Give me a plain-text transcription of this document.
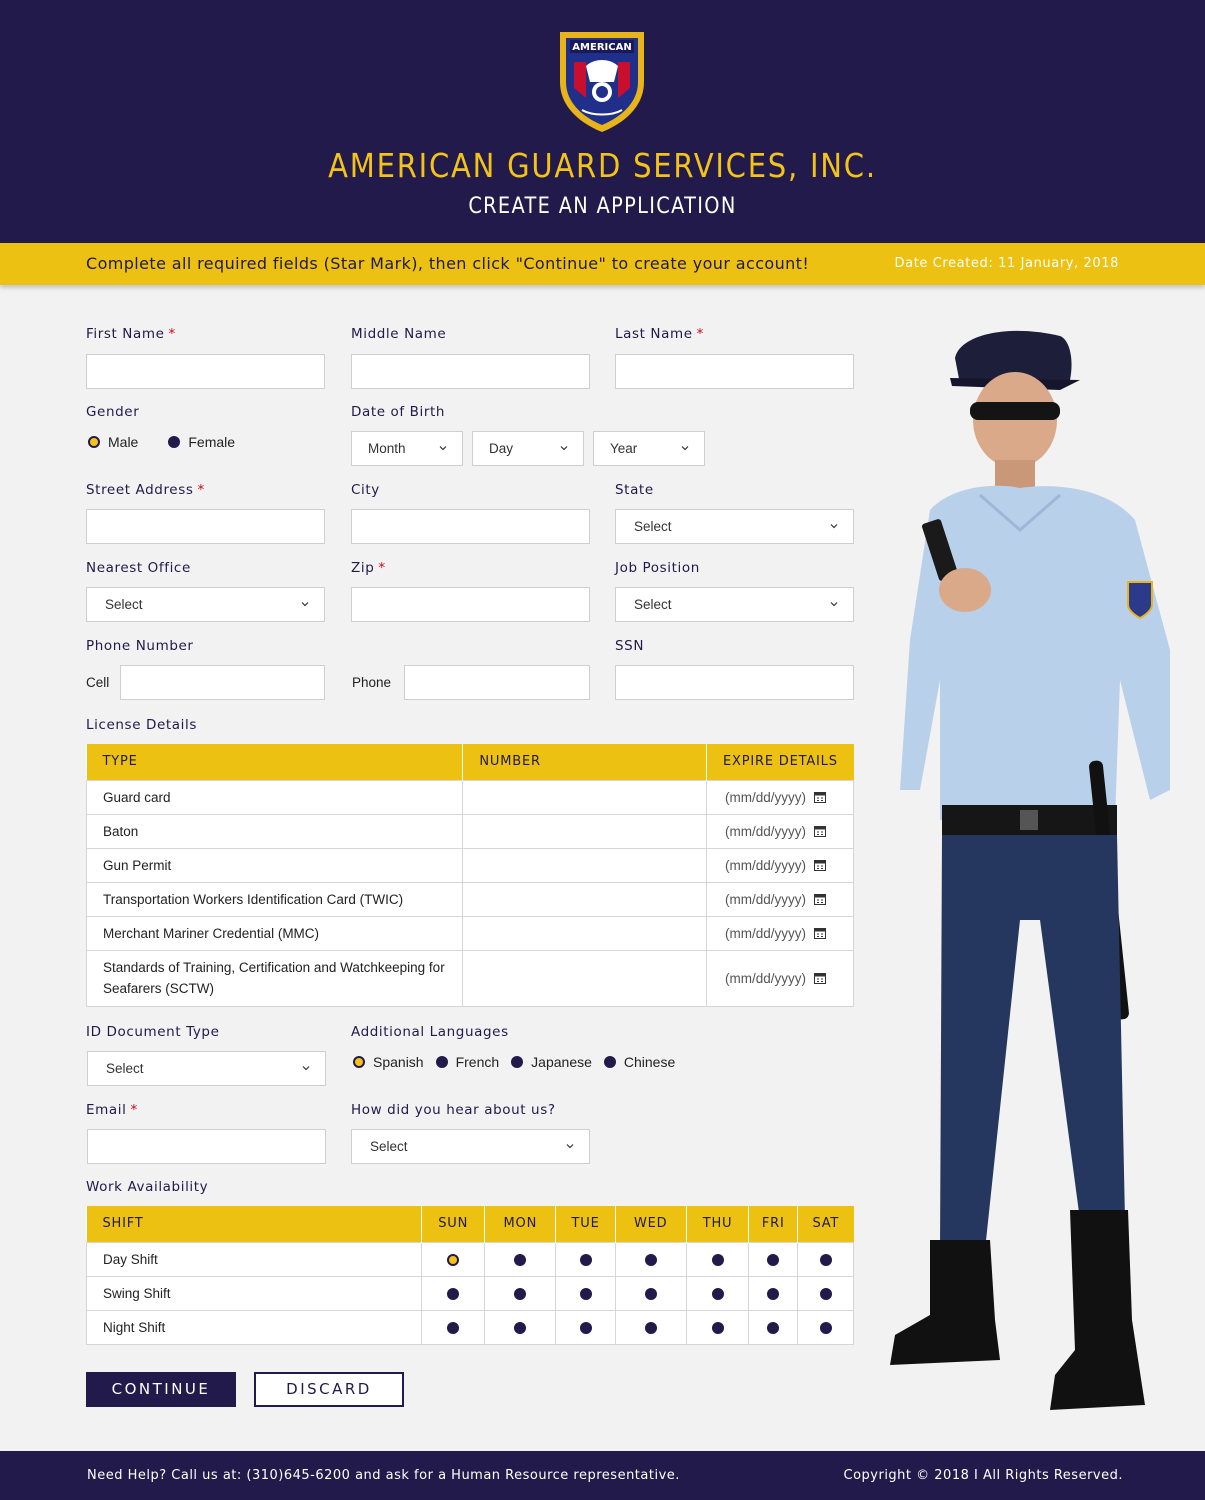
AMERICAN
AMERICAN GUARD SERVICES, INC.
CREATE AN APPLICATION
Complete all required fields (Star Mark), then click "Continue" to create your account!	Date Created: 11 January, 2018
First Name *	Middle Name	Last Name *
Gender
Male	Female
Date of Birth
Month	Day	Year
Street Address *	City	State
Select
Nearest Office
Select
Zip *	Job Position
Select
Phone Number
Cell	Phone
SSN
License Details
TYPE	NUMBER	EXPIRE DETAILS
Guard card		(mm/dd/yyyy)
Baton		(mm/dd/yyyy)
Gun Permit		(mm/dd/yyyy)
Transportation Workers Identification Card (TWIC)		(mm/dd/yyyy)
Merchant Mariner Credential (MMC)		(mm/dd/yyyy)
Standards of Training, Certification and Watchkeeping for Seafarers (SCTW)		(mm/dd/yyyy)
ID Document Type
Select
Additional Languages
Spanish French Japanese Chinese
Email *	How did you hear about us?
Select
Work Availability
SHIFT	SUN	MON	TUE	WED	THU	FRI	SAT
Day Shift							
Swing Shift							
Night Shift							
CONTINUE	DISCARD
Need Help? Call us at: (310)645-6200 and ask for a Human Resource representative.	Copyright © 2018 I All Rights Reserved.
